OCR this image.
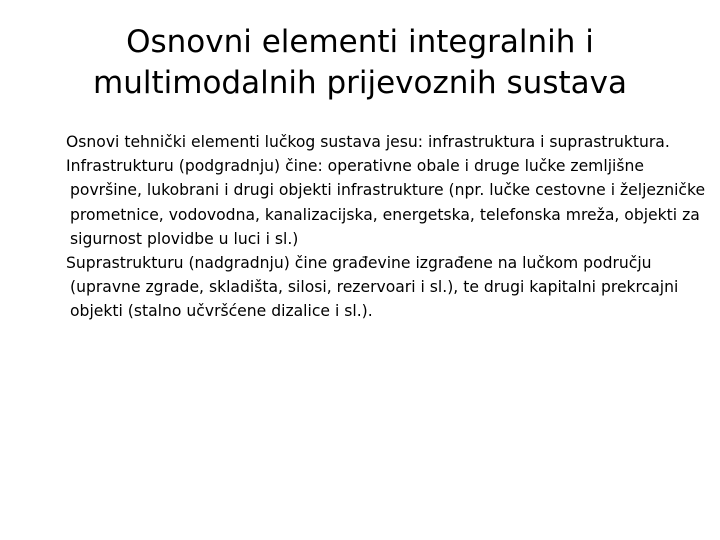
Osnovni elementi integralnih i
multimodalnih prijevoznih sustava

Osnovi tehnički elementi lučkog sustava jesu: infrastruktura i suprastruktura.

Infrastrukturu (podgradnju) čine: operativne obale i druge lučke zemljišne površine, lukobrani i drugi objekti infrastrukture (npr. lučke cestovne i željezničke prometnice, vodovodna, kanalizacijska, energetska, telefonska mreža, objekti za sigurnost plovidbe u luci i sl.)

Suprastrukturu (nadgradnju) čine građevine izgrađene na lučkom području (upravne zgrade, skladišta, silosi, rezervoari i sl.), te drugi kapitalni prekrcajni objekti (stalno učvršćene dizalice i sl.).
